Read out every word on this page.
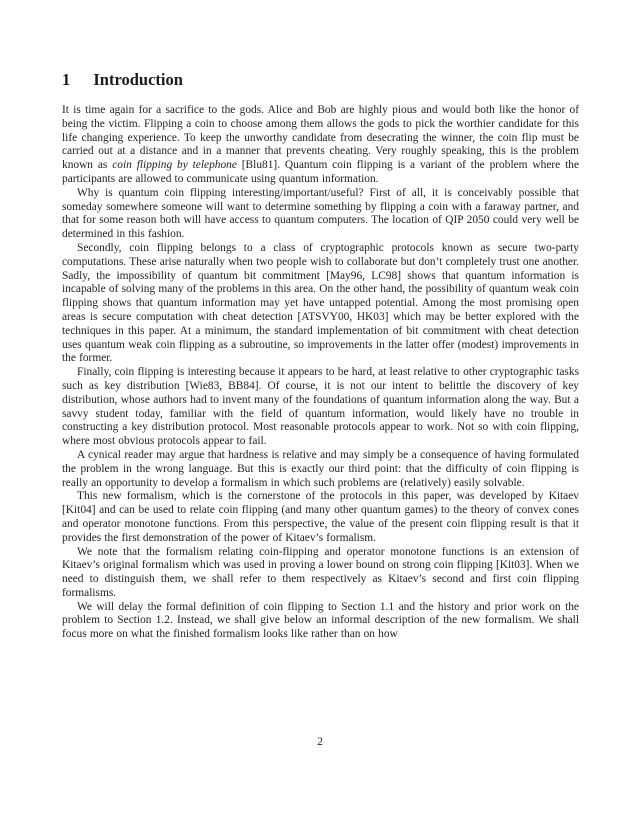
1 Introduction

It is time again for a sacrifice to the gods. Alice and Bob are highly pious and would both like the honor of being the victim. Flipping a coin to choose among them allows the gods to pick the worthier candidate for this life changing experience. To keep the unworthy candidate from desecrating the winner, the coin flip must be carried out at a distance and in a manner that prevents cheating. Very roughly speaking, this is the problem known as coin flipping by telephone [Blu81]. Quantum coin flipping is a variant of the problem where the participants are allowed to communicate using quantum information.

Why is quantum coin flipping interesting/important/useful? First of all, it is conceivably possible that someday somewhere someone will want to determine something by flipping a coin with a faraway partner, and that for some reason both will have access to quantum computers. The location of QIP 2050 could very well be determined in this fashion.

Secondly, coin flipping belongs to a class of cryptographic protocols known as secure two-party computations. These arise naturally when two people wish to collaborate but don’t completely trust one another. Sadly, the impossibility of quantum bit commitment [May96, LC98] shows that quantum information is incapable of solving many of the problems in this area. On the other hand, the possibility of quantum weak coin flipping shows that quantum information may yet have untapped potential. Among the most promising open areas is secure computation with cheat detection [ATSVY00, HK03] which may be better explored with the techniques in this paper. At a minimum, the standard implementation of bit commitment with cheat detection uses quantum weak coin flipping as a subroutine, so improvements in the latter offer (modest) improvements in the former.

Finally, coin flipping is interesting because it appears to be hard, at least relative to other cryptographic tasks such as key distribution [Wie83, BB84]. Of course, it is not our intent to belittle the discovery of key distribution, whose authors had to invent many of the foundations of quantum information along the way. But a savvy student today, familiar with the field of quantum information, would likely have no trouble in constructing a key distribution protocol. Most reasonable protocols appear to work. Not so with coin flipping, where most obvious protocols appear to fail.

A cynical reader may argue that hardness is relative and may simply be a consequence of having formulated the problem in the wrong language. But this is exactly our third point: that the difficulty of coin flipping is really an opportunity to develop a formalism in which such problems are (relatively) easily solvable.

This new formalism, which is the cornerstone of the protocols in this paper, was developed by Kitaev [Kit04] and can be used to relate coin flipping (and many other quantum games) to the theory of convex cones and operator monotone functions. From this perspective, the value of the present coin flipping result is that it provides the first demonstration of the power of Kitaev’s formalism.

We note that the formalism relating coin-flipping and operator monotone functions is an extension of Kitaev’s original formalism which was used in proving a lower bound on strong coin flipping [Kit03]. When we need to distinguish them, we shall refer to them respectively as Kitaev’s second and first coin flipping formalisms.

We will delay the formal definition of coin flipping to Section 1.1 and the history and prior work on the problem to Section 1.2. Instead, we shall give below an informal description of the new formalism. We shall focus more on what the finished formalism looks like rather than on how

2
